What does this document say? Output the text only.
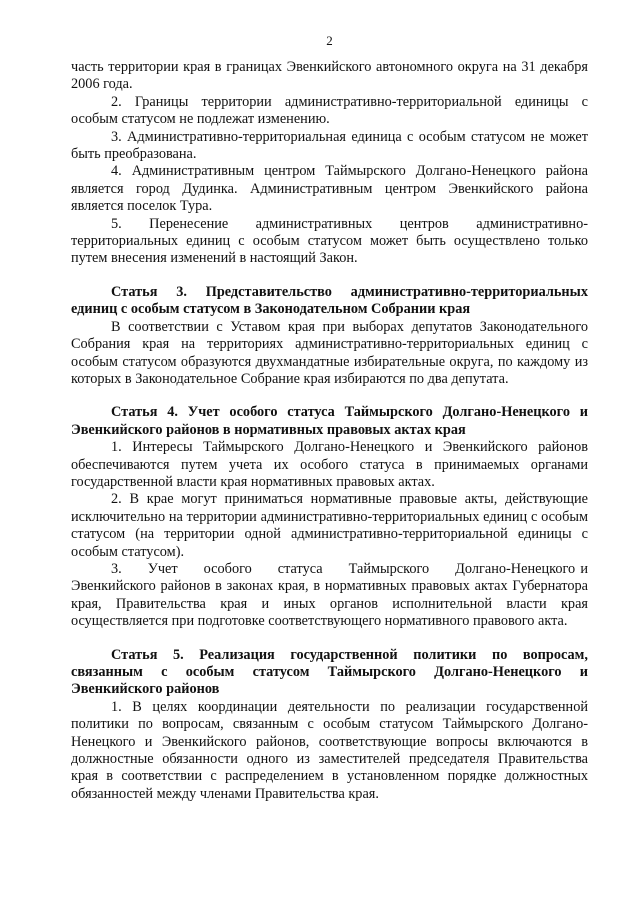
2

часть территории края в границах Эвенкийского автономного округа на 31 декабря 2006 года.

2. Границы территории административно-территориальной единицы с особым статусом не подлежат изменению.

3. Административно-территориальная единица с особым статусом не может быть преобразована.

4. Административным центром Таймырского Долгано-Ненецкого района является город Дудинка. Административным центром Эвенкийского района является поселок Тура.

5.     Перенесение     административных     центров     административно-территориальных единиц с особым статусом может быть осуществлено только путем внесения изменений в настоящий Закон.

Статья 3. Представительство административно-территориальных единиц с особым статусом в Законодательном Собрании края

В соответствии с Уставом края при выборах депутатов Законодательного Собрания края на территориях административно-территориальных единиц с особым статусом образуются двухмандатные избирательные округа, по каждому из которых в Законодательное Собрание края избираются по два депутата.

Статья 4. Учет особого статуса Таймырского Долгано-Ненецкого и Эвенкийского районов в нормативных правовых актах края

1. Интересы Таймырского Долгано-Ненецкого и Эвенкийского районов обеспечиваются путем учета их особого статуса в принимаемых органами государственной власти края нормативных правовых актах.

2. В крае могут приниматься нормативные правовые акты, действующие исключительно на территории административно-территориальных единиц с особым статусом (на территории одной административно-территориальной единицы с особым статусом).

3.     Учет     особого     статуса     Таймырского     Долгано-Ненецкого и Эвенкийского районов в законах края, в нормативных правовых актах Губернатора края, Правительства края и иных органов исполнительной власти края осуществляется при подготовке соответствующего нормативного правового акта.

Статья 5. Реализация государственной политики по вопросам, связанным с особым статусом Таймырского Долгано-Ненецкого и Эвенкийского районов

1. В целях координации деятельности по реализации государственной политики по вопросам, связанным с особым статусом Таймырского Долгано-Ненецкого и Эвенкийского районов, соответствующие вопросы включаются в должностные обязанности одного из заместителей председателя Правительства края в соответствии с распределением в установленном порядке должностных обязанностей между членами Правительства края.
